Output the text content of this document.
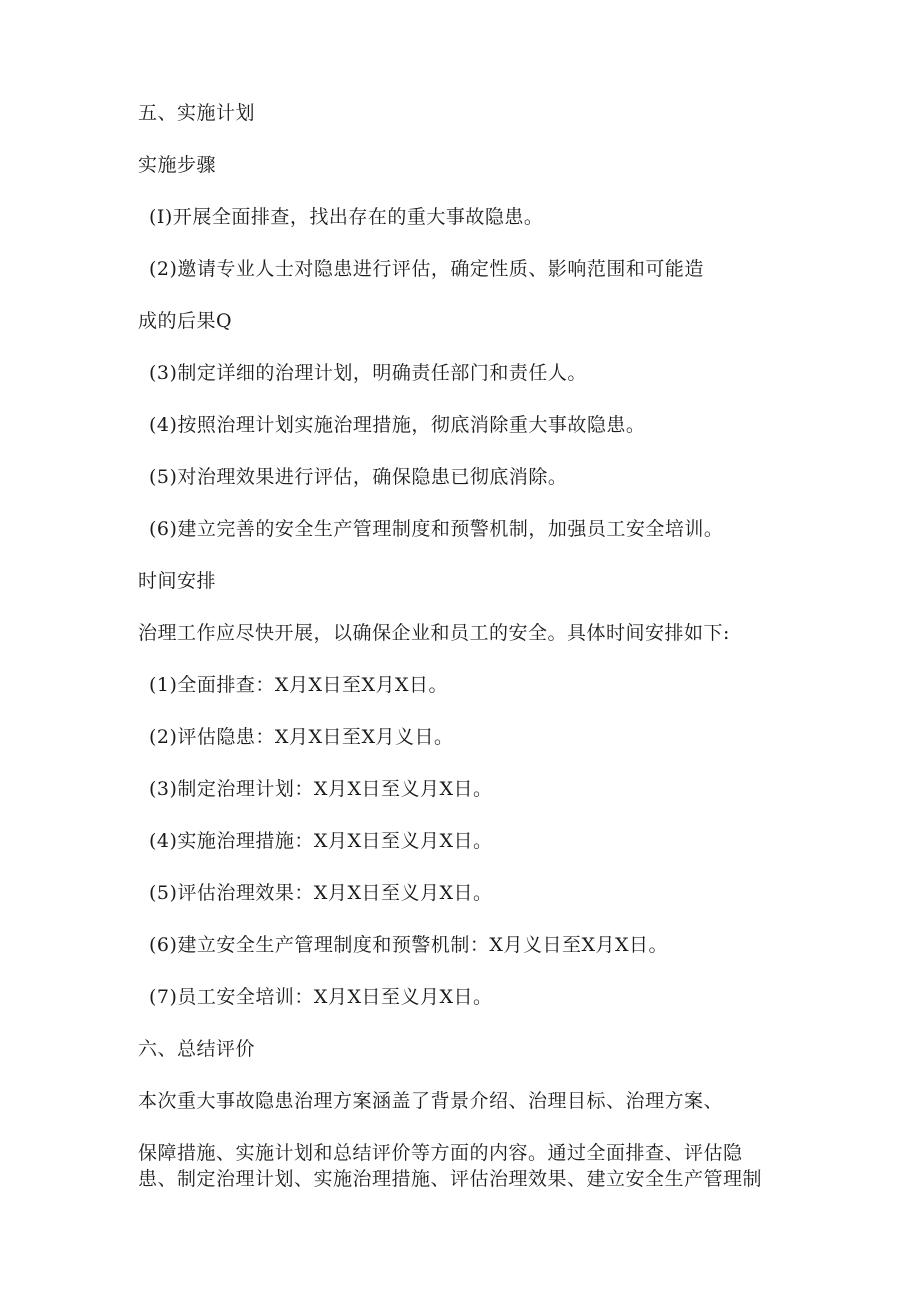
五、实施计划
实施步骤
(I)开展全面排查，找出存在的重大事故隐患。
(2)邀请专业人士对隐患进行评估，确定性质、影响范围和可能造
成的后果Q
(3)制定详细的治理计划，明确责任部门和责任人。
(4)按照治理计划实施治理措施，彻底消除重大事故隐患。
(5)对治理效果进行评估，确保隐患已彻底消除。
(6)建立完善的安全生产管理制度和预警机制，加强员工安全培训。
时间安排
治理工作应尽快开展，以确保企业和员工的安全。具体时间安排如下:
(1)全面排查：X月X日至X月X日。
(2)评估隐患：X月X日至X月义日。
(3)制定治理计划：X月X日至义月X日。
(4)实施治理措施：X月X日至义月X日。
(5)评估治理效果：X月X日至义月X日。
(6)建立安全生产管理制度和预警机制：X月义日至X月X日。
(7)员工安全培训：X月X日至义月X日。
六、总结评价
本次重大事故隐患治理方案涵盖了背景介绍、治理目标、治理方案、
保障措施、实施计划和总结评价等方面的内容。通过全面排查、评估隐
患、制定治理计划、实施治理措施、评估治理效果、建立安全生产管理制
